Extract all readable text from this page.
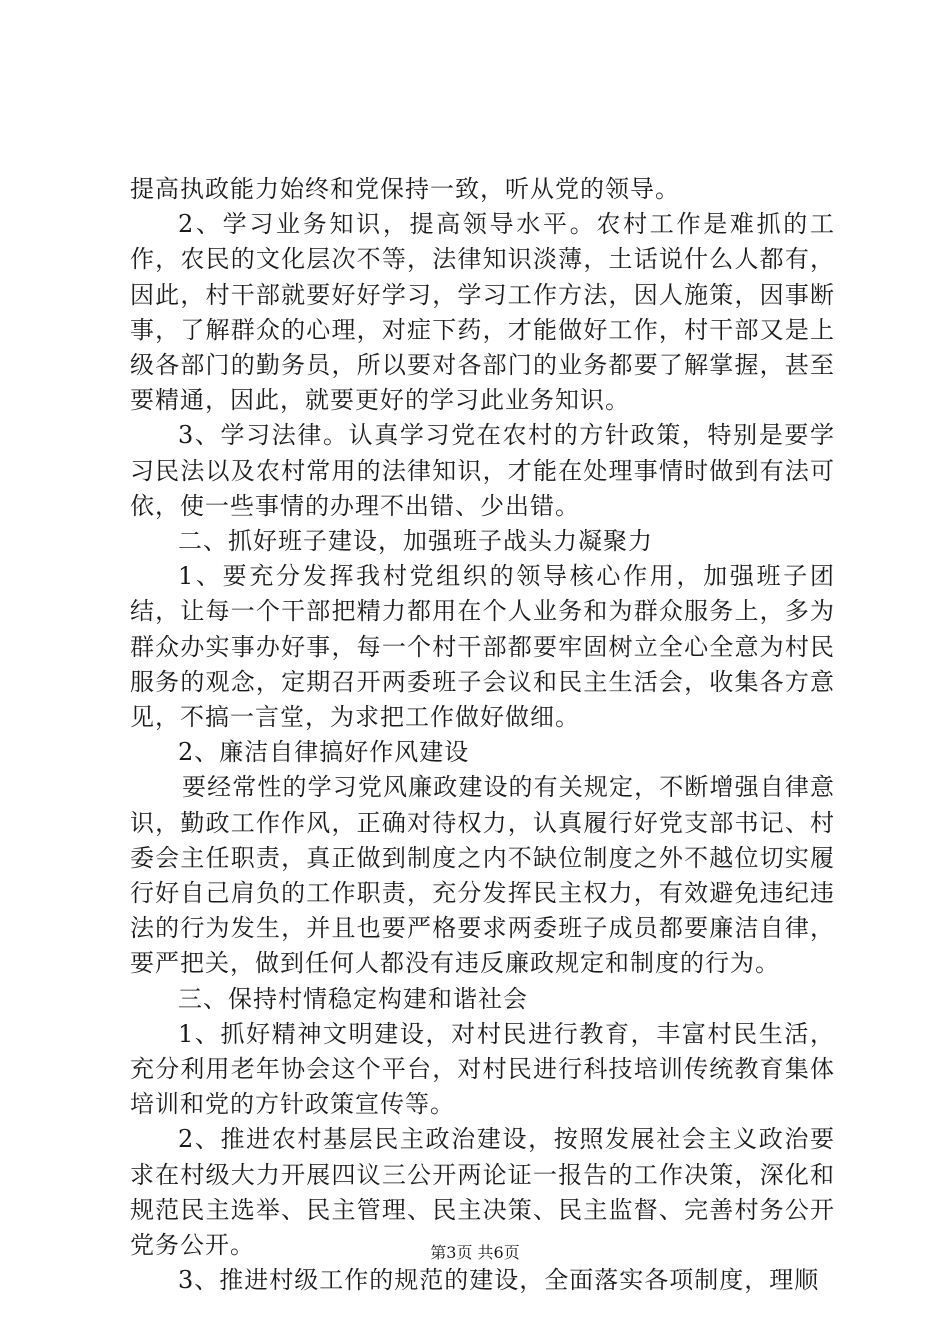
提高执政能力始终和党保持一致，听从党的领导。

2、学习业务知识，提高领导水平。农村工作是难抓的工作，农民的文化层次不等，法律知识淡薄，土话说什么人都有，因此，村干部就要好好学习，学习工作方法，因人施策，因事断事，了解群众的心理，对症下药，才能做好工作，村干部又是上级各部门的勤务员，所以要对各部门的业务都要了解掌握，甚至要精通，因此，就要更好的学习此业务知识。

3、学习法律。认真学习党在农村的方针政策，特别是要学习民法以及农村常用的法律知识，才能在处理事情时做到有法可依，使一些事情的办理不出错、少出错。

二、抓好班子建设，加强班子战头力凝聚力

1、要充分发挥我村党组织的领导核心作用，加强班子团结，让每一个干部把精力都用在个人业务和为群众服务上，多为群众办实事办好事，每一个村干部都要牢固树立全心全意为村民服务的观念，定期召开两委班子会议和民主生活会，收集各方意见，不搞一言堂，为求把工作做好做细。

2、廉洁自律搞好作风建设

要经常性的学习党风廉政建设的有关规定，不断增强自律意识，勤政工作作风，正确对待权力，认真履行好党支部书记、村委会主任职责，真正做到制度之内不缺位制度之外不越位切实履行好自己肩负的工作职责，充分发挥民主权力，有效避免违纪违法的行为发生，并且也要严格要求两委班子成员都要廉洁自律，要严把关，做到任何人都没有违反廉政规定和制度的行为。

三、保持村情稳定构建和谐社会

1、抓好精神文明建设，对村民进行教育，丰富村民生活，充分利用老年协会这个平台，对村民进行科技培训传统教育集体培训和党的方针政策宣传等。

2、推进农村基层民主政治建设，按照发展社会主义政治要求在村级大力开展四议三公开两论证一报告的工作决策，深化和规范民主选举、民主管理、民主决策、民主监督、完善村务公开党务公开。

3、推进村级工作的规范的建设，全面落实各项制度，理顺

第3页 共6页
